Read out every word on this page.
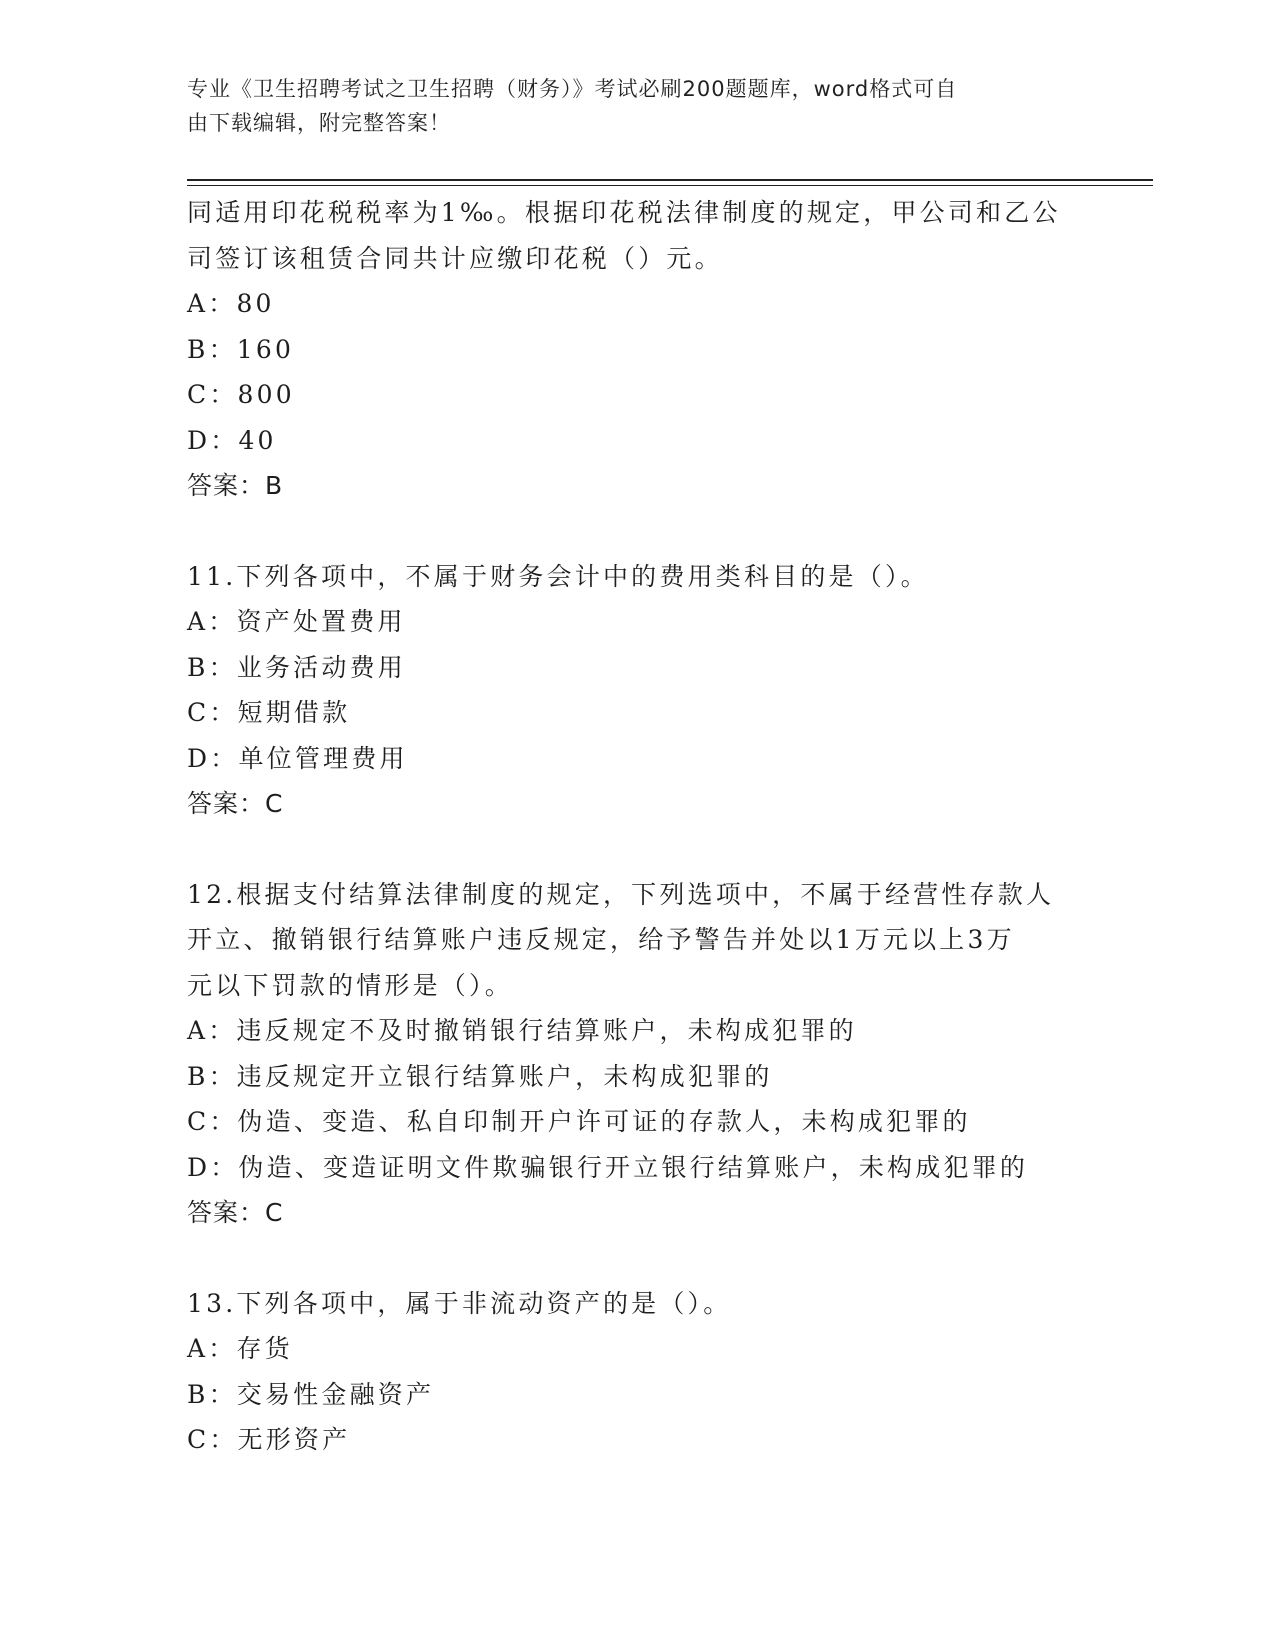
专业《卫生招聘考试之卫生招聘（财务）》考试必刷200题题库，word格式可自
由下载编辑，附完整答案！
同适用印花税税率为1‰。根据印花税法律制度的规定，甲公司和乙公
司签订该租赁合同共计应缴印花税（）元。
A：80
B：160
C：800
D：40
答案：B
11.下列各项中，不属于财务会计中的费用类科目的是（）。
A：资产处置费用
B：业务活动费用
C：短期借款
D：单位管理费用
答案：C
12.根据支付结算法律制度的规定，下列选项中，不属于经营性存款人
开立、撤销银行结算账户违反规定，给予警告并处以1万元以上3万
元以下罚款的情形是（）。
A：违反规定不及时撤销银行结算账户，未构成犯罪的
B：违反规定开立银行结算账户，未构成犯罪的
C：伪造、变造、私自印制开户许可证的存款人，未构成犯罪的
D：伪造、变造证明文件欺骗银行开立银行结算账户，未构成犯罪的
答案：C
13.下列各项中，属于非流动资产的是（）。
A：存货
B：交易性金融资产
C：无形资产
